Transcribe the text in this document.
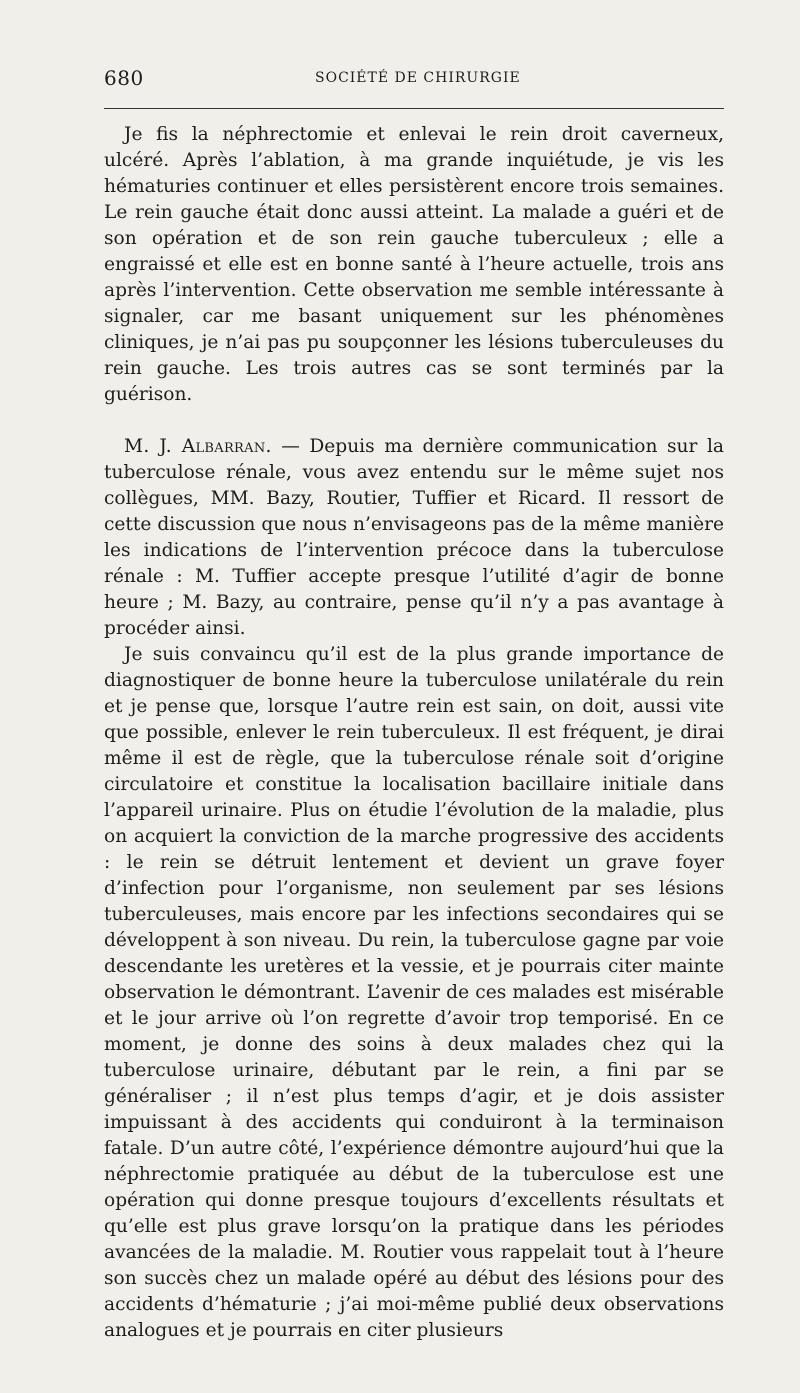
680	SOCIÉTÉ DE CHIRURGIE

Je fis la néphrectomie et enlevai le rein droit caverneux, ulcéré. Après l’ablation, à ma grande inquiétude, je vis les hématuries continuer et elles persistèrent encore trois semaines. Le rein gauche était donc aussi atteint. La malade a guéri et de son opération et de son rein gauche tuberculeux ; elle a engraissé et elle est en bonne santé à l’heure actuelle, trois ans après l’intervention. Cette observation me semble intéressante à signaler, car me basant uniquement sur les phénomènes cliniques, je n’ai pas pu soupçonner les lésions tuberculeuses du rein gauche. Les trois autres cas se sont terminés par la guérison.

M. J. Albarran. — Depuis ma dernière communication sur la tuberculose rénale, vous avez entendu sur le même sujet nos collègues, MM. Bazy, Routier, Tuffier et Ricard. Il ressort de cette discussion que nous n’envisageons pas de la même manière les indications de l’intervention précoce dans la tuberculose rénale : M. Tuffier accepte presque l’utilité d’agir de bonne heure ; M. Bazy, au contraire, pense qu’il n’y a pas avantage à procéder ainsi.

Je suis convaincu qu’il est de la plus grande importance de diagnostiquer de bonne heure la tuberculose unilatérale du rein et je pense que, lorsque l’autre rein est sain, on doit, aussi vite que possible, enlever le rein tuberculeux. Il est fréquent, je dirai même il est de règle, que la tuberculose rénale soit d’origine circulatoire et constitue la localisation bacillaire initiale dans l’appareil urinaire. Plus on étudie l’évolution de la maladie, plus on acquiert la conviction de la marche progressive des accidents : le rein se détruit lentement et devient un grave foyer d’infection pour l’organisme, non seulement par ses lésions tuberculeuses, mais encore par les infections secondaires qui se développent à son niveau. Du rein, la tuberculose gagne par voie descendante les uretères et la vessie, et je pourrais citer mainte observation le démontrant. L’avenir de ces malades est misérable et le jour arrive où l’on regrette d’avoir trop temporisé. En ce moment, je donne des soins à deux malades chez qui la tuberculose urinaire, débutant par le rein, a fini par se généraliser ; il n’est plus temps d’agir, et je dois assister impuissant à des accidents qui conduiront à la terminaison fatale. D’un autre côté, l’expérience démontre aujourd’hui que la néphrectomie pratiquée au début de la tuberculose est une opération qui donne presque toujours d’excellents résultats et qu’elle est plus grave lorsqu’on la pratique dans les périodes avancées de la maladie. M. Routier vous rappelait tout à l’heure son succès chez un malade opéré au début des lésions pour des accidents d’hématurie ; j’ai moi-même publié deux observations analogues et je pourrais en citer plusieurs
